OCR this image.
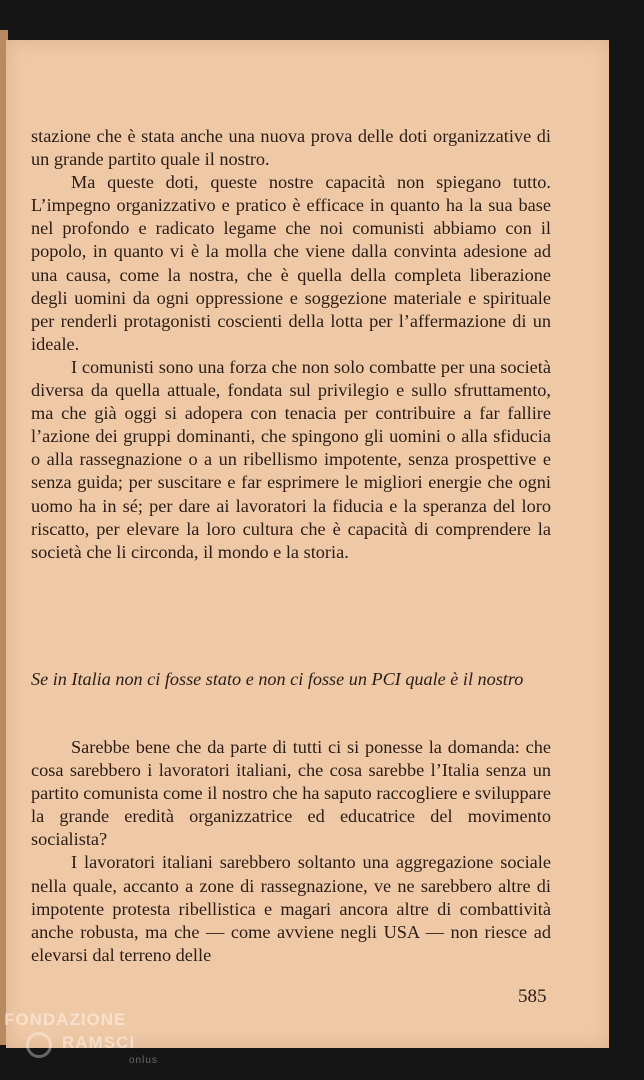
stazione che è stata anche una nuova prova delle doti organizzative di un grande partito quale il nostro.

Ma queste doti, queste nostre capacità non spiegano tutto. L’impegno organizzativo e pratico è efficace in quanto ha la sua base nel profondo e radicato legame che noi comunisti abbiamo con il popolo, in quanto vi è la molla che viene dalla convinta adesione ad una causa, come la nostra, che è quella della completa liberazione degli uomini da ogni oppressione e soggezione materiale e spirituale per renderli protagonisti coscienti della lotta per l’affermazione di un ideale.

I comunisti sono una forza che non solo combatte per una società diversa da quella attuale, fondata sul privilegio e sullo sfruttamento, ma che già oggi si adopera con tenacia per contribuire a far fallire l’azione dei gruppi dominanti, che spingono gli uomini o alla sfiducia o alla rassegnazione o a un ribellismo impotente, senza prospettive e senza guida; per suscitare e far esprimere le migliori energie che ogni uomo ha in sé; per dare ai lavoratori la fiducia e la speranza del loro riscatto, per elevare la loro cultura che è capacità di comprendere la società che li circonda, il mondo e la storia.

Se in Italia non ci fosse stato e non ci fosse un PCI quale è il nostro

Sarebbe bene che da parte di tutti ci si ponesse la domanda: che cosa sarebbero i lavoratori italiani, che cosa sarebbe l’Italia senza un partito comunista come il nostro che ha saputo raccogliere e sviluppare la grande eredità organizzatrice ed educatrice del movimento socialista?

I lavoratori italiani sarebbero soltanto una aggregazione sociale nella quale, accanto a zone di rassegnazione, ve ne sarebbero altre di impotente protesta ribellistica e magari ancora altre di combattività anche robusta, ma che — come avviene negli USA — non riesce ad elevarsi dal terreno delle

585
FONDAZIONE
RAMSCI
onlus
